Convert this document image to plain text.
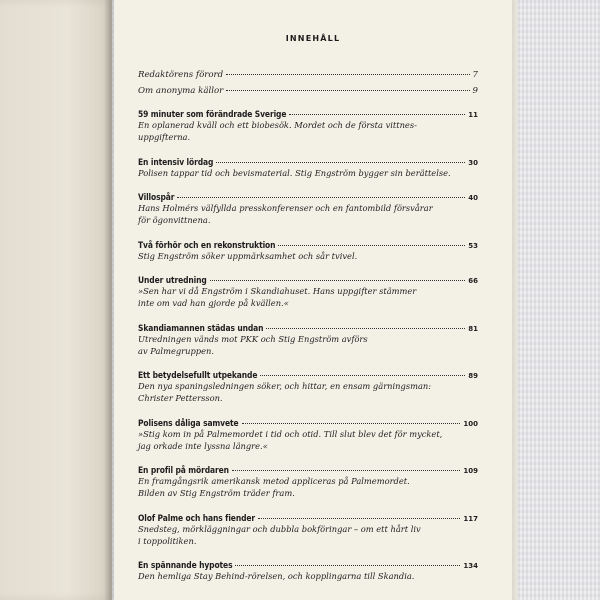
INNEHÅLL
Redaktörens förord	7
Om anonyma källor	9
59 minuter som förändrade Sverige	11
En oplanerad kväll och ett biobesök. Mordet och de första vittnes-
uppgifterna.
En intensiv lördag	30
Polisen tappar tid och bevismaterial. Stig Engström bygger sin berättelse.
Villospår	40
Hans Holmérs välfyllda presskonferenser och en fantombild försvårar
för ögonvittnena.
Två förhör och en rekonstruktion	53
Stig Engström söker uppmärksamhet och sår tvivel.
Under utredning	66
»Sen har vi då Engström i Skandiahuset. Hans uppgifter stämmer
inte om vad han gjorde på kvällen.«
Skandiamannen städas undan	81
Utredningen vänds mot PKK och Stig Engström avförs
av Palmegruppen.
Ett betydelsefullt utpekande	89
Den nya spaningsledningen söker, och hittar, en ensam gärningsman:
Christer Pettersson.
Polisens dåliga samvete	100
»Stig kom in på Palmemordet i tid och otid. Till slut blev det för mycket,
jag orkade inte lyssna längre.«
En profil på mördaren	109
En framgångsrik amerikansk metod appliceras på Palmemordet.
Bilden av Stig Engström träder fram.
Olof Palme och hans fiender	117
Snedsteg, mörkläggningar och dubbla bokföringar – om ett hårt liv
i toppolitiken.
En spännande hypotes	134
Den hemliga Stay Behind-rörelsen, och kopplingarna till Skandia.
